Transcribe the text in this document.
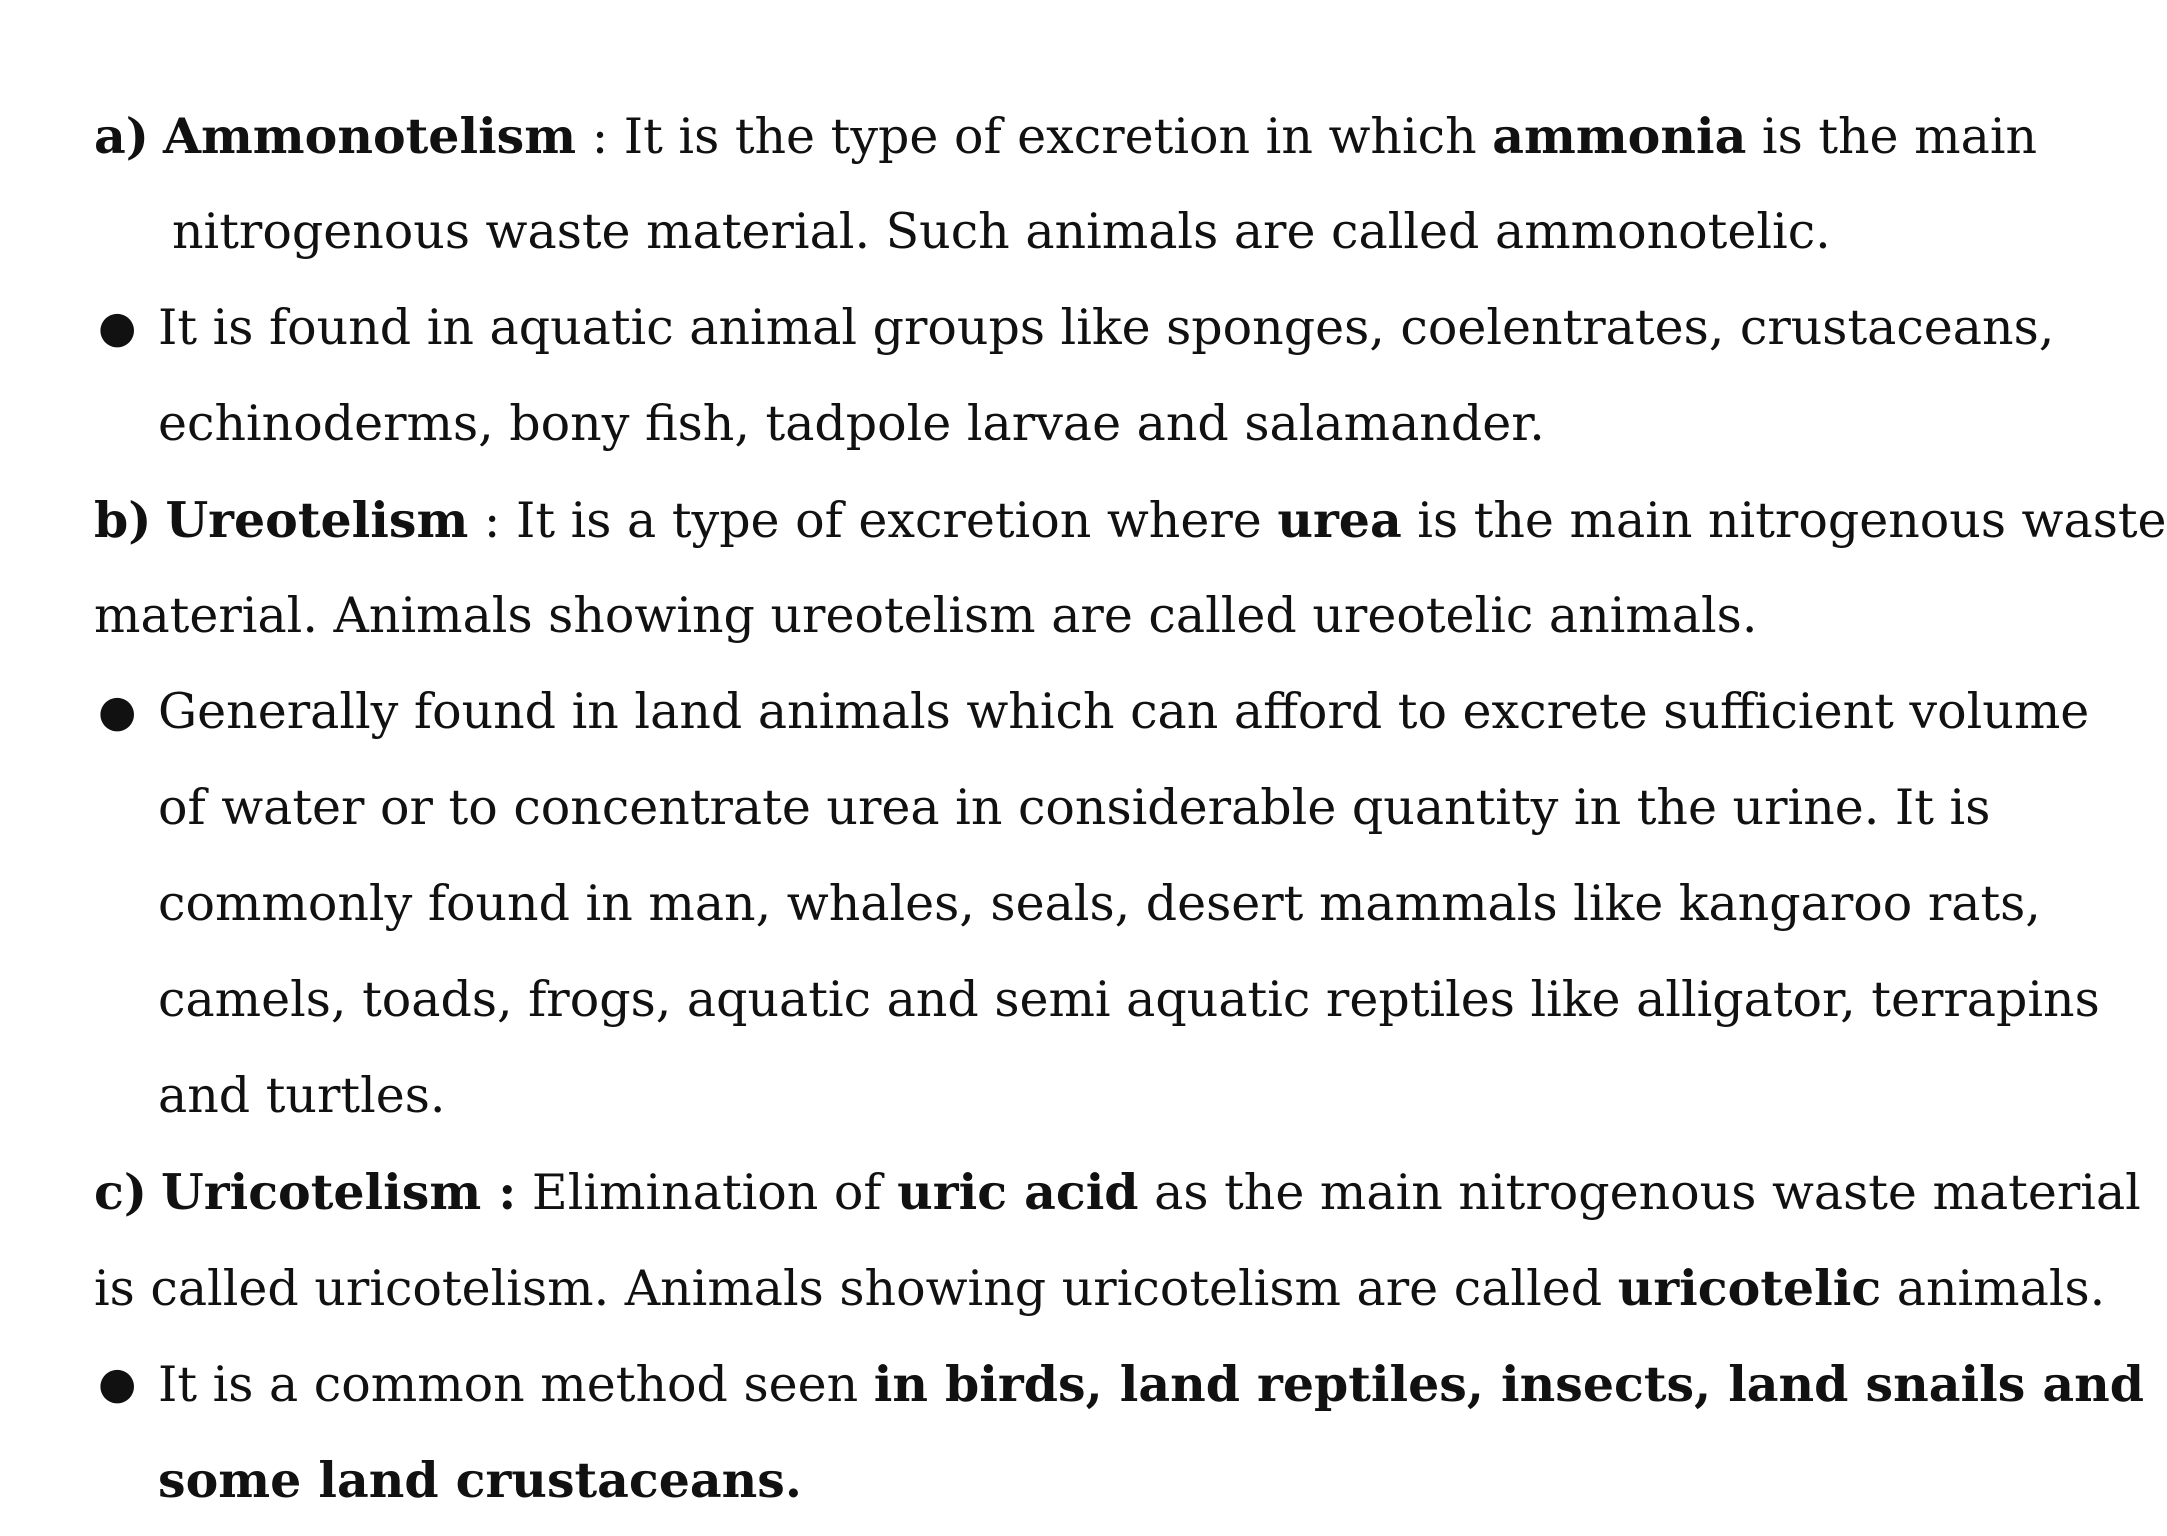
a) Ammonotelism : It is the type of excretion in which ammonia is the main
nitrogenous waste material. Such animals are called ammonotelic.
● It is found in aquatic animal groups like sponges, coelentrates, crustaceans,
echinoderms, bony fish, tadpole larvae and salamander.
b) Ureotelism : It is a type of excretion where urea is the main nitrogenous waste
material. Animals showing ureotelism are called ureotelic animals.
● Generally found in land animals which can afford to excrete sufficient volume
of water or to concentrate urea in considerable quantity in the urine. It is
commonly found in man, whales, seals, desert mammals like kangaroo rats,
camels, toads, frogs, aquatic and semi aquatic reptiles like alligator, terrapins
and turtles.
c) Uricotelism : Elimination of uric acid as the main nitrogenous waste material
is called uricotelism. Animals showing uricotelism are called uricotelic animals.
● It is a common method seen in birds, land reptiles, insects, land snails and
some land crustaceans.
